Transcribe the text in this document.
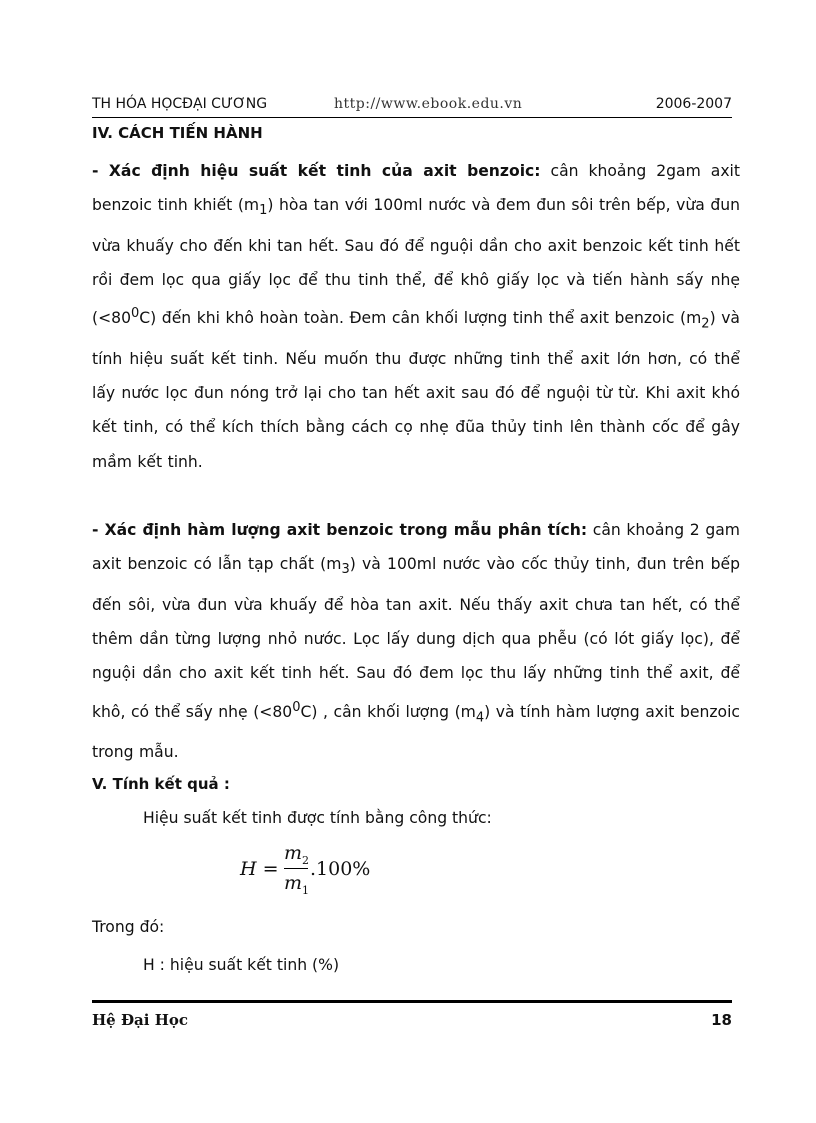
TH HÓA HỌCĐẠI CƯƠNG	http://www.ebook.edu.vn	2006-2007
IV. CÁCH TIẾN HÀNH
- Xác định hiệu suất kết tinh của axit benzoic: cân khoảng 2gam axit benzoic tinh khiết $(m_1)$ hòa tan với 100ml nước và đem đun sôi trên bếp, vừa đun vừa khuấy cho đến khi tan hết. Sau đó để nguội dần cho axit benzoic kết tinh hết rồi đem lọc qua giấy lọc để thu tinh thể, để khô giấy lọc và tiến hành sấy nhẹ $(<80^0C)$ đến khi khô hoàn toàn. Đem cân khối lượng tinh thể axit benzoic $(m_2)$ và tính hiệu suất kết tinh. Nếu muốn thu được những tinh thể axit lớn hơn, có thể lấy nước lọc đun nóng trở lại cho tan hết axit sau đó để nguội từ từ. Khi axit khó kết tinh, có thể kích thích bằng cách cọ nhẹ đũa thủy tinh lên thành cốc để gây mầm kết tinh.
- Xác định hàm lượng axit benzoic trong mẫu phân tích: cân khoảng 2 gam axit benzoic có lẫn tạp chất $(m_3)$ và 100ml nước vào cốc thủy tinh, đun trên bếp đến sôi, vừa đun vừa khuấy để hòa tan axit. Nếu thấy axit chưa tan hết, có thể thêm dần từng lượng nhỏ nước. Lọc lấy dung dịch qua phễu (có lót giấy lọc), để nguội dần cho axit kết tinh hết. Sau đó đem lọc thu lấy những tinh thể axit, để khô, có thể sấy nhẹ $(<80^0C)$ , cân khối lượng $(m_4)$ và tính hàm lượng axit benzoic trong mẫu.
V. Tính kết quả :
Hiệu suất kết tinh được tính bằng công thức:
H =
$m_2$
$m_1$
.100%
Trong đó:
H : hiệu suất kết tinh (%)
Hệ Đại Học	18
